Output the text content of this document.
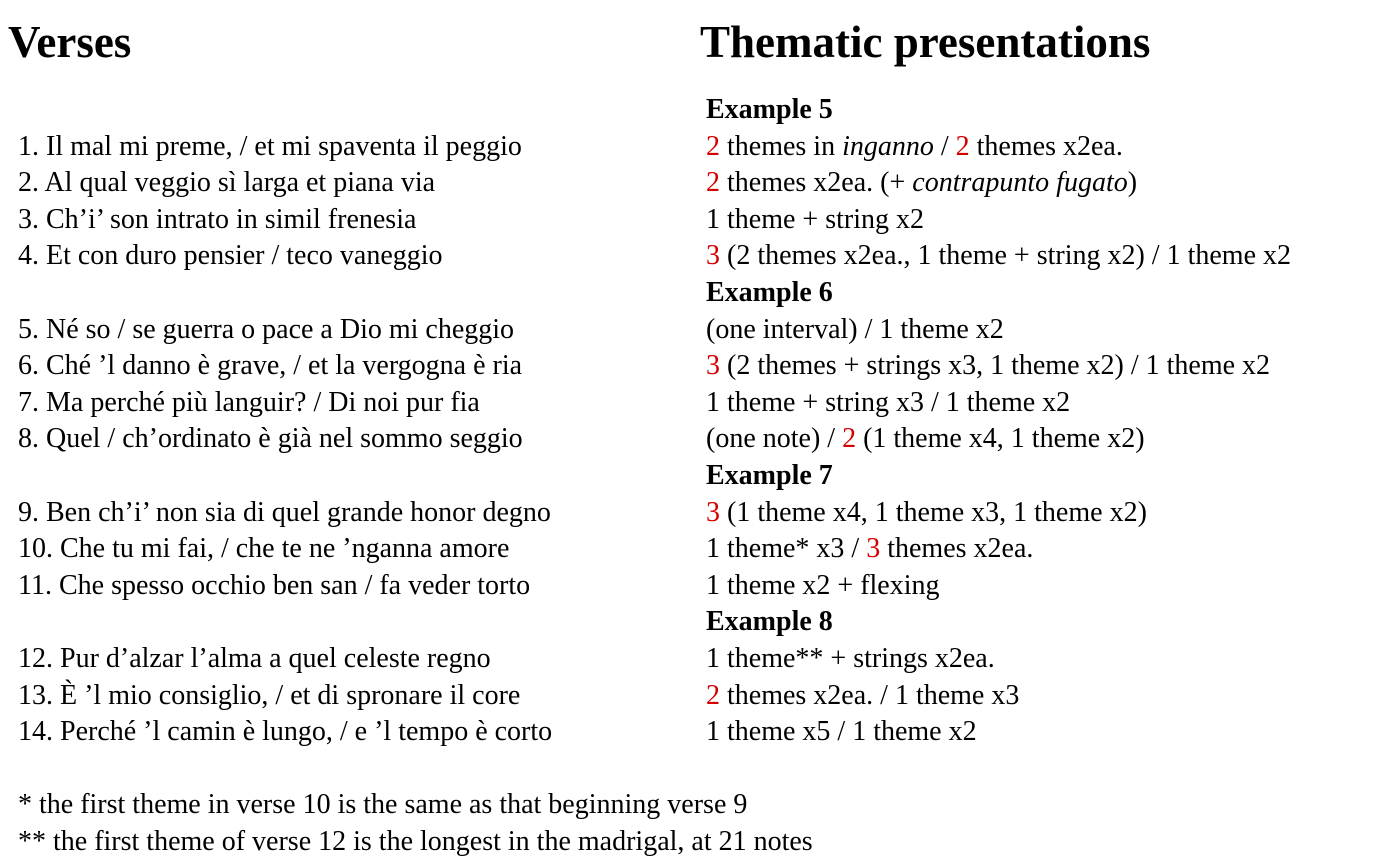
Verses	Thematic presentations
Example 5
1. Il mal mi preme, / et mi spaventa il peggio	2 themes in inganno / 2 themes x2ea.
2. Al qual veggio sì larga et piana via	2 themes x2ea. (+ contrapunto fugato)
3. Ch’i’ son intrato in simil frenesia	1 theme + string x2
4. Et con duro pensier / teco vaneggio	3 (2 themes x2ea., 1 theme + string x2) / 1 theme x2
Example 6
5. Né so / se guerra o pace a Dio mi cheggio	(one interval) / 1 theme x2
6. Ché ’l danno è grave, / et la vergogna è ria	3 (2 themes + strings x3, 1 theme x2) / 1 theme x2
7. Ma perché più languir? / Di noi pur fia	1 theme + string x3 / 1 theme x2
8. Quel / ch’ordinato è già nel sommo seggio	(one note) / 2 (1 theme x4, 1 theme x2)
Example 7
9. Ben ch’i’ non sia di quel grande honor degno	3 (1 theme x4, 1 theme x3, 1 theme x2)
10. Che tu mi fai, / che te ne ’nganna amore	1 theme* x3 / 3 themes x2ea.
11. Che spesso occhio ben san / fa veder torto	1 theme x2 + flexing
Example 8
12. Pur d’alzar l’alma a quel celeste regno	1 theme** + strings x2ea.
13. È ’l mio consiglio, / et di spronare il core	2 themes x2ea. / 1 theme x3
14. Perché ’l camin è lungo, / e ’l tempo è corto	1 theme x5 / 1 theme x2
* the first theme in verse 10 is the same as that beginning verse 9
** the first theme of verse 12 is the longest in the madrigal, at 21 notes
